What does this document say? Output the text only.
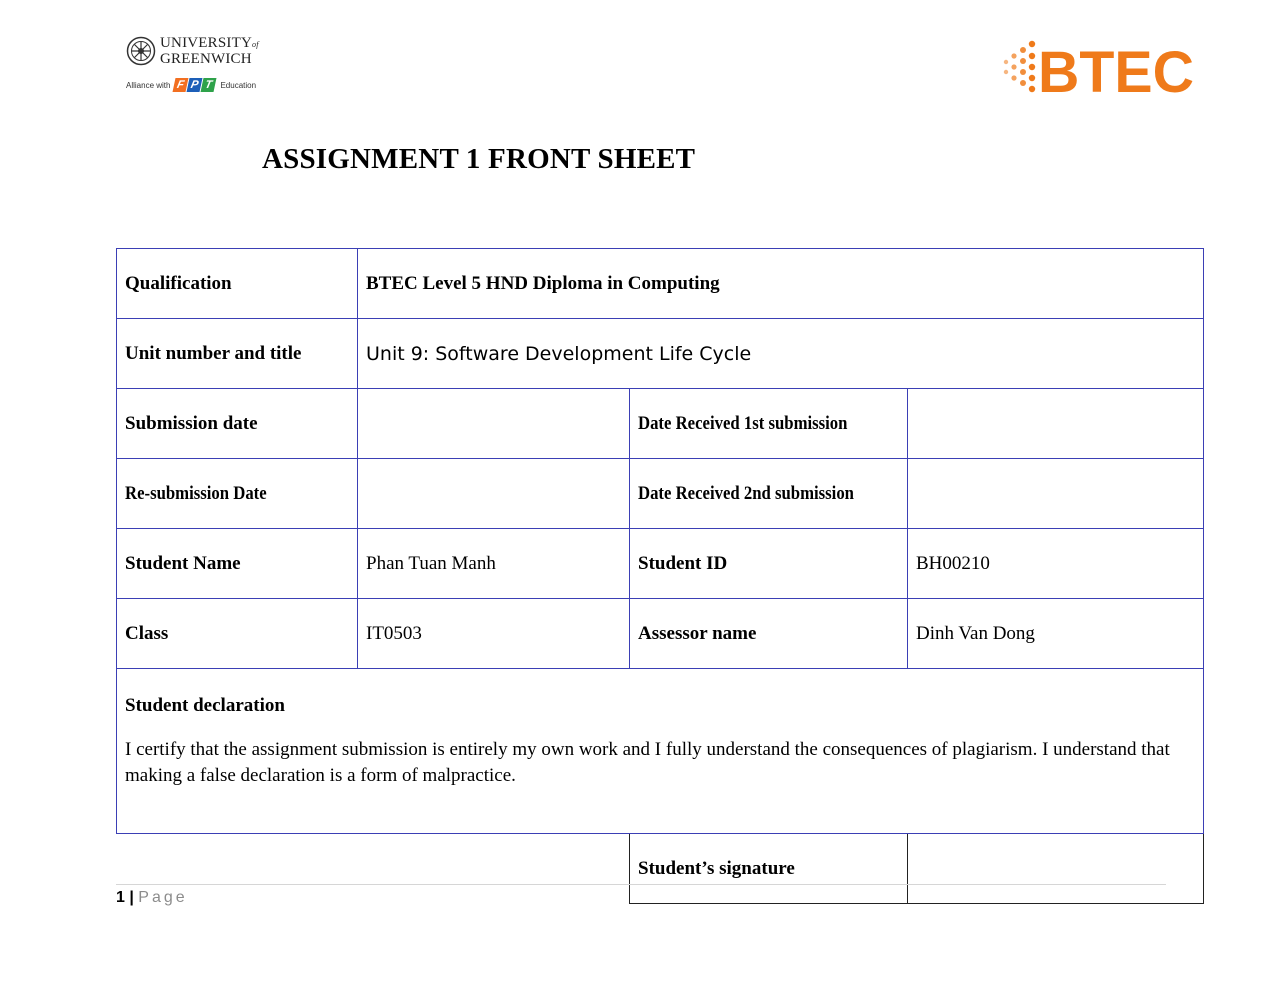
UNIVERSITYof
GREENWICH
Alliance with F P T Education	BTEC
ASSIGNMENT 1 FRONT SHEET
Qualification	BTEC Level 5 HND Diploma in Computing		
Unit number and title	Unit 9: Software Development Life Cycle		
Submission date		Date Received 1st submission	
Re-submission Date		Date Received 2nd submission	
Student Name	Phan Tuan Manh	Student ID	BH00210
Class	IT0503	Assessor name	Dinh Van Dong

Student declaration
I certify that the assignment submission is entirely my own work and I fully understand the consequences of plagiarism. I understand that making a false declaration is a form of malpractice.			

		Student’s signature	
1 | Page
